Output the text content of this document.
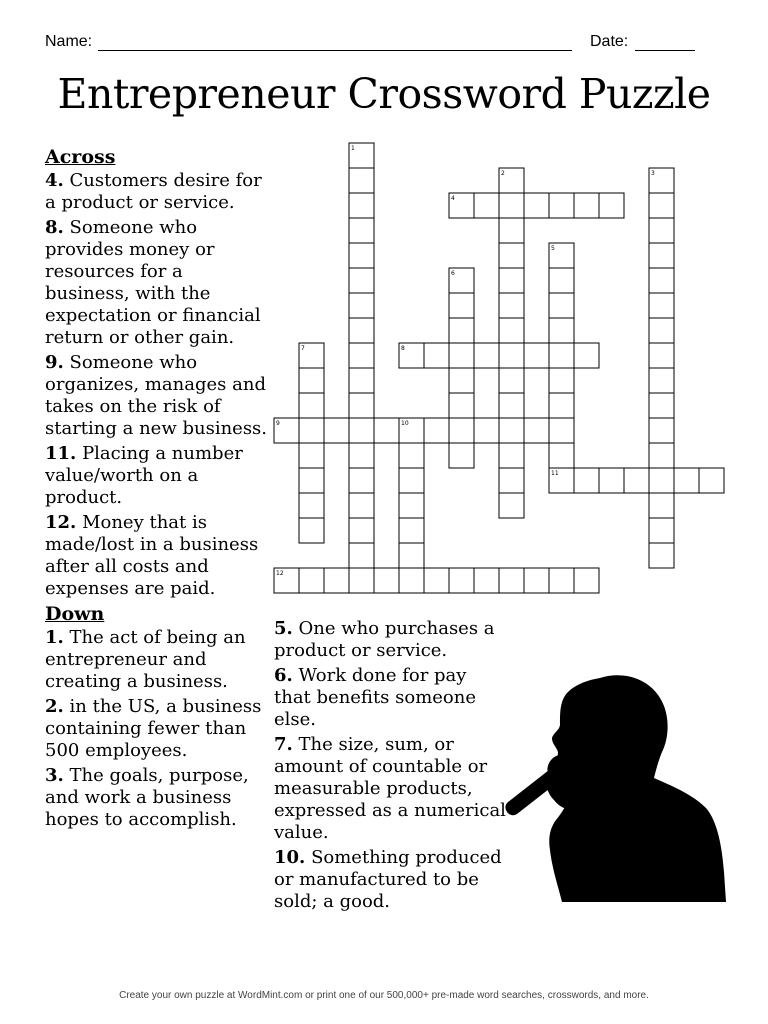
Name:	Date:
Entrepreneur Crossword Puzzle
Across
4. Customers desire for a product or service.
8. Someone who provides money or resources for a business, with the expectation or financial return or other gain.
9. Someone who organizes, manages and takes on the risk of starting a new business.
11. Placing a number value/worth on a product.
12. Money that is made/lost in a business after all costs and expenses are paid.
Down
1. The act of being an entrepreneur and creating a business.
2. in the US, a business containing fewer than 500 employees.
3. The goals, purpose, and work a business hopes to accomplish.
5. One who purchases a product or service.
6. Work done for pay that benefits someone else.
7. The size, sum, or amount of countable or measurable products, expressed as a numerical value.
10. Something produced or manufactured to be sold; a good.
1
2	3
4
5
6
7	8
9	10
11
12
Create your own puzzle at WordMint.com or print one of our 500,000+ pre-made word searches, crosswords, and more.
